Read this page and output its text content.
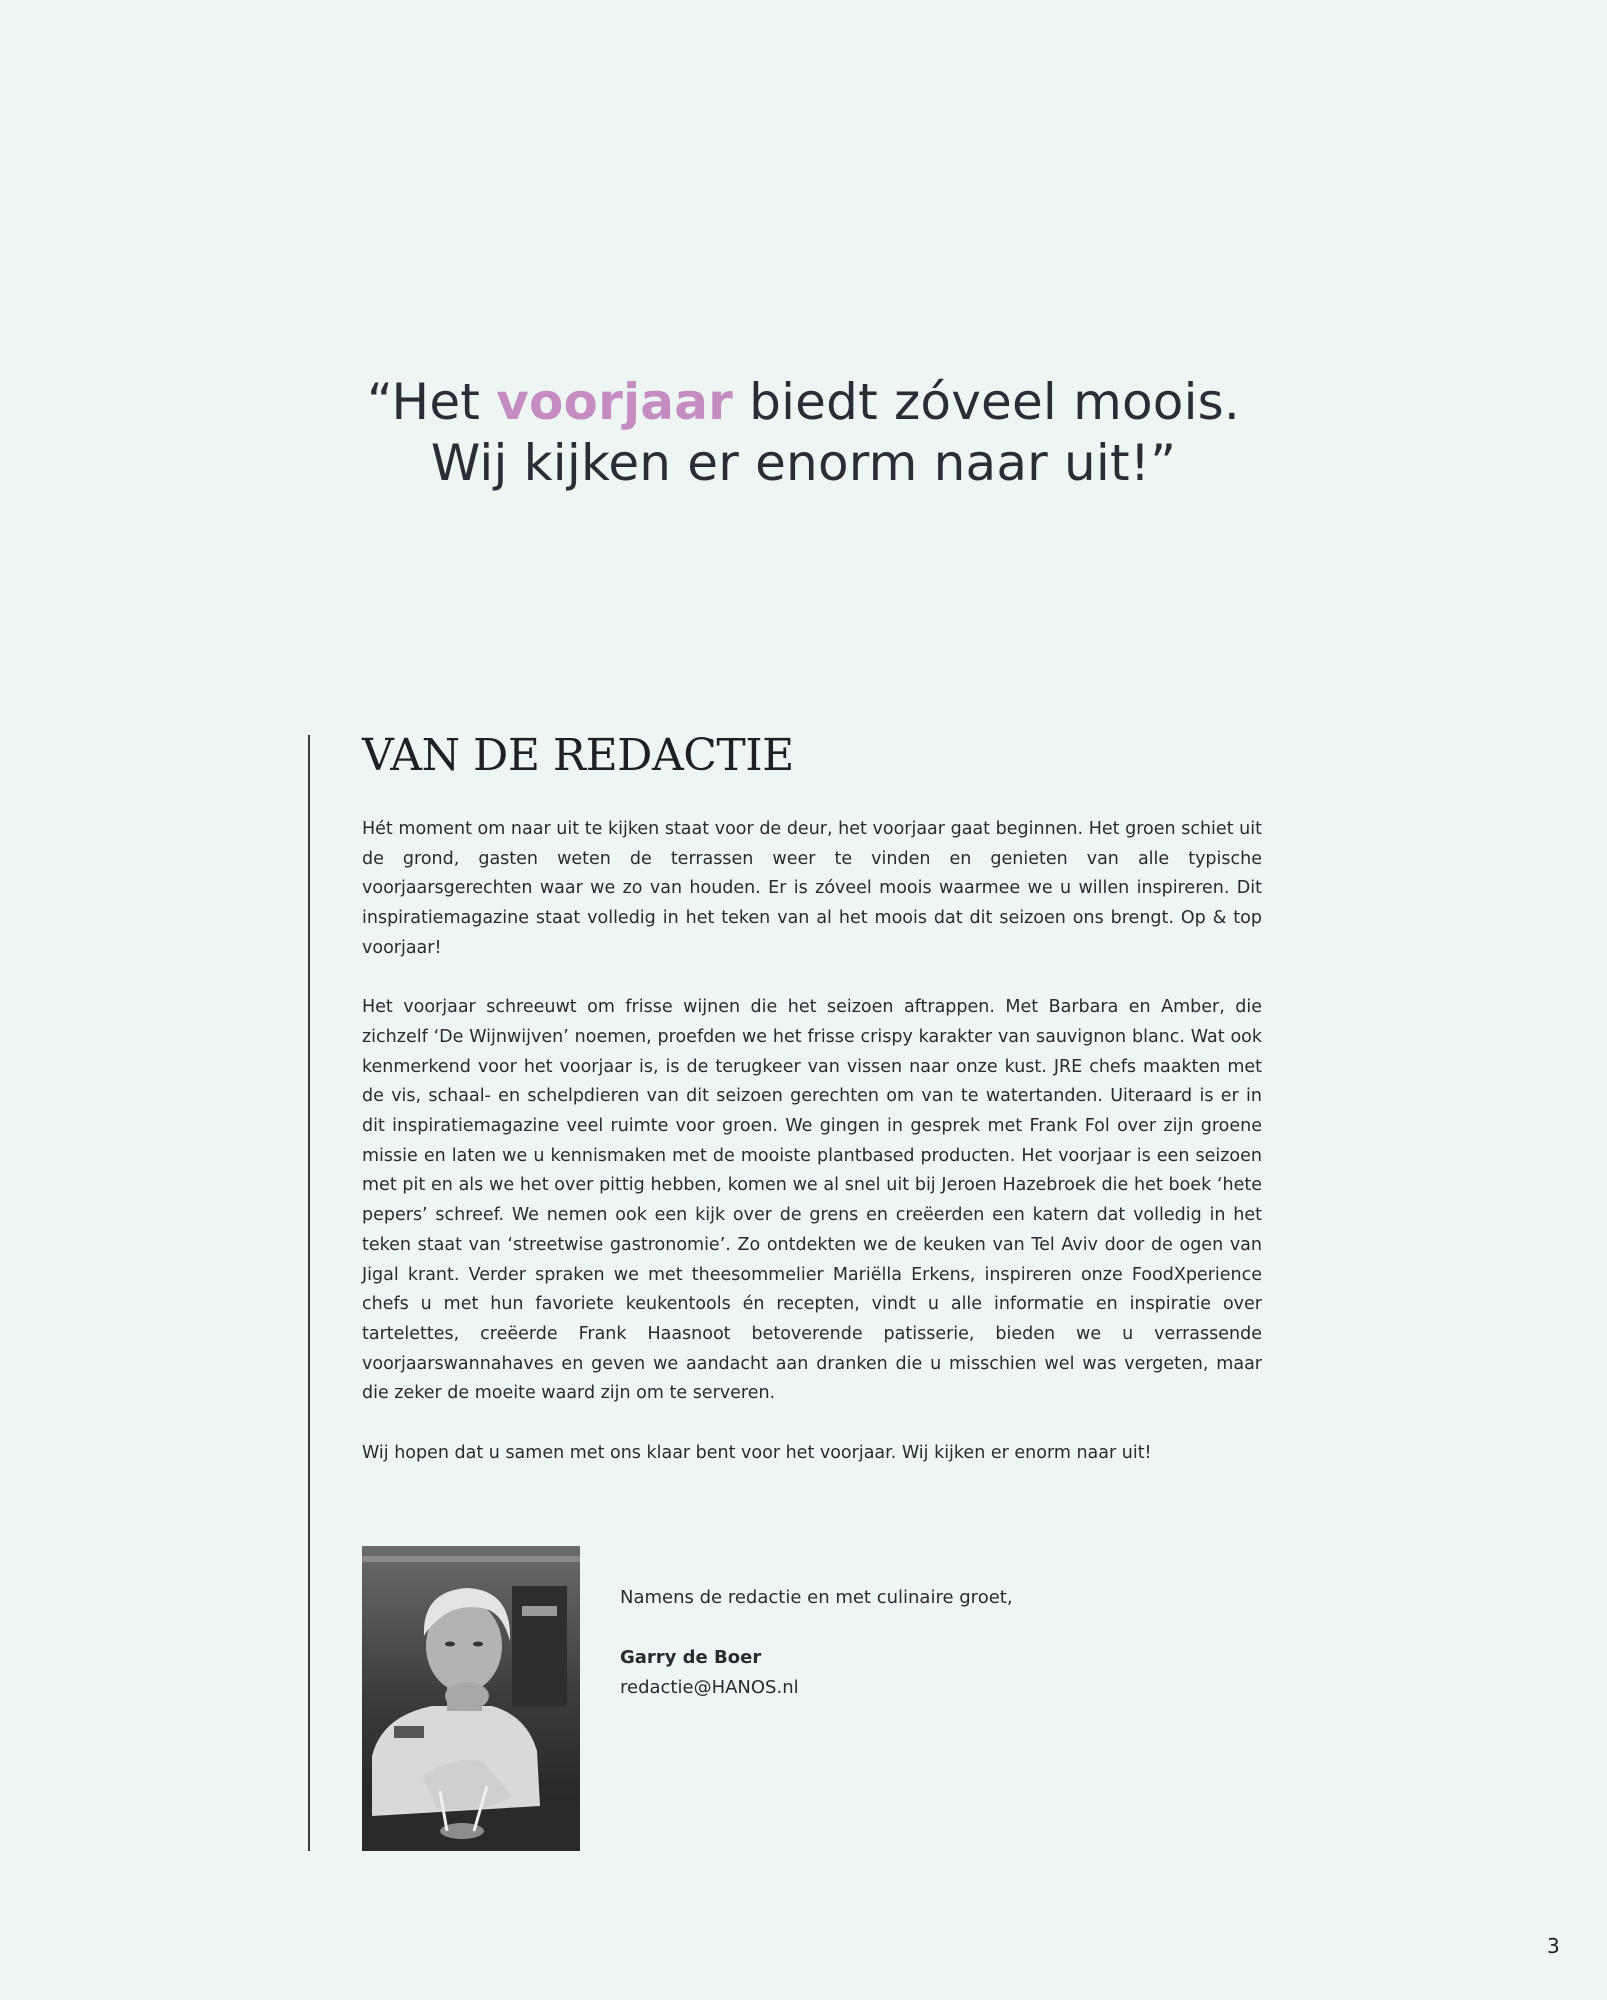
“Het voorjaar biedt zóveel moois.
Wij kijken er enorm naar uit!”
VAN DE REDACTIE

Hét moment om naar uit te kijken staat voor de deur, het voorjaar gaat beginnen. Het groen schiet uit de grond, gasten weten de terrassen weer te vinden en genieten van alle typische voorjaarsgerechten waar we zo van houden. Er is zóveel moois waarmee we u willen inspireren. Dit inspiratiemagazine staat volledig in het teken van al het moois dat dit seizoen ons brengt. Op & top voorjaar!

Het voorjaar schreeuwt om frisse wijnen die het seizoen aftrappen. Met Barbara en Amber, die zichzelf ‘De Wijnwijven’ noemen, proefden we het frisse crispy karakter van sauvignon blanc. Wat ook kenmerkend voor het voorjaar is, is de terugkeer van vissen naar onze kust. JRE chefs maakten met de vis, schaal- en schelpdieren van dit seizoen gerechten om van te watertanden. Uiteraard is er in dit inspiratiemagazine veel ruimte voor groen. We gingen in gesprek met Frank Fol over zijn groene missie en laten we u kennismaken met de mooiste plantbased producten. Het voorjaar is een seizoen met pit en als we het over pittig hebben, komen we al snel uit bij Jeroen Hazebroek die het boek ‘hete pepers’ schreef. We nemen ook een kijk over de grens en creëerden een katern dat volledig in het teken staat van ‘streetwise gastronomie’. Zo ontdekten we de keuken van Tel Aviv door de ogen van Jigal krant. Verder spraken we met theesommelier Mariëlla Erkens, inspireren onze FoodXperience chefs u met hun favoriete keukentools én recepten, vindt u alle informatie en inspiratie over tartelettes, creëerde Frank Haasnoot betoverende patisserie, bieden we u verrassende voorjaarswannahaves en geven we aandacht aan dranken die u misschien wel was vergeten, maar die zeker de moeite waard zijn om te serveren.

Wij hopen dat u samen met ons klaar bent voor het voorjaar. Wij kijken er enorm naar uit!

Namens de redactie en met culinaire groet,
Garry de Boer
redactie@HANOS.nl
3
